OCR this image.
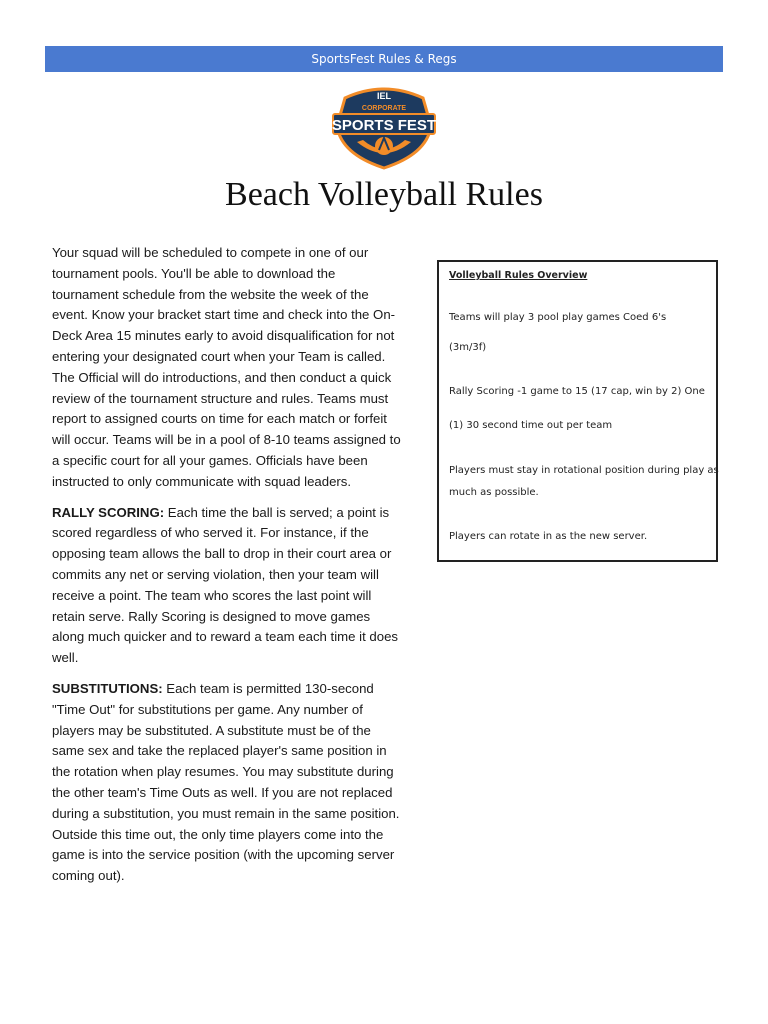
SportsFest Rules & Regs
IEL
CORPORATE
SPORTS FEST
Beach Volleyball Rules

Your squad will be scheduled to compete in one of our tournament pools. You'll be able to download the tournament schedule from the website the week of the event. Know your bracket start time and check into the On-Deck Area 15 minutes early to avoid disqualification for not entering your designated court when your Team is called. The Official will do introductions, and then conduct a quick review of the tournament structure and rules. Teams must report to assigned courts on time for each match or forfeit will occur. Teams will be in a pool of 8-10 teams assigned to a specific court for all your games. Officials have been instructed to only communicate with squad leaders.

RALLY SCORING: Each time the ball is served; a point is scored regardless of who served it. For instance, if the opposing team allows the ball to drop in their court area or commits any net or serving violation, then your team will receive a point. The team who scores the last point will retain serve. Rally Scoring is designed to move games along much quicker and to reward a team each time it does well.

SUBSTITUTIONS: Each team is permitted 130-second "Time Out" for substitutions per game. Any number of players may be substituted. A substitute must be of the same sex and take the replaced player's same position in the rotation when play resumes. You may substitute during the other team's Time Outs as well. If you are not replaced during a substitution, you must remain in the same position. Outside this time out, the only time players come into the game is into the service position (with the upcoming server coming out).

Volleyball Rules Overview

Teams will play 3 pool play games Coed 6's

(3m/3f)

Rally Scoring -1 game to 15 (17 cap, win by 2) One

(1) 30 second time out per team

Players must stay in rotational position during play as

much as possible.

Players can rotate in as the new server.
